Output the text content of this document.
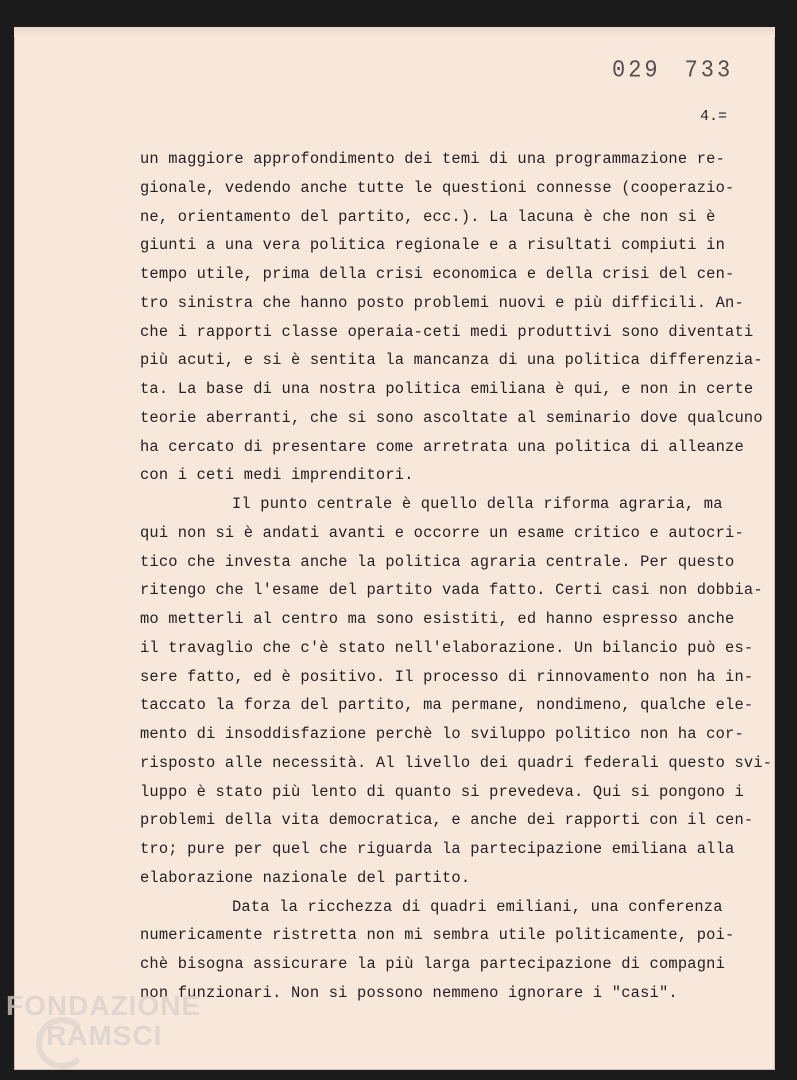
029 733
4.=
un maggiore approfondimento dei temi di una programmazione re-
gionale, vedendo anche tutte le questioni connesse (cooperazio-
ne, orientamento del partito, ecc.). La lacuna è che non si è
giunti a una vera politica regionale e a risultati compiuti in
tempo utile, prima della crisi economica e della crisi del cen-
tro sinistra che hanno posto problemi nuovi e più difficili. An-
che i rapporti classe operaia-ceti medi produttivi sono diventati
più acuti, e si è sentita la mancanza di una politica differenzia-
ta. La base di una nostra politica emiliana è qui, e non in certe
teorie aberranti, che si sono ascoltate al seminario dove qualcuno
ha cercato di presentare come arretrata una politica di alleanze
con i ceti medi imprenditori.
Il punto centrale è quello della riforma agraria, ma
qui non si è andati avanti e occorre un esame critico e autocri-
tico che investa anche la politica agraria centrale. Per questo
ritengo che l'esame del partito vada fatto. Certi casi non dobbia-
mo metterli al centro ma sono esistiti, ed hanno espresso anche
il travaglio che c'è stato nell'elaborazione. Un bilancio può es-
sere fatto, ed è positivo. Il processo di rinnovamento non ha in-
taccato la forza del partito, ma permane, nondimeno, qualche ele-
mento di insoddisfazione perchè lo sviluppo politico non ha cor-
risposto alle necessità. Al livello dei quadri federali questo svi-
luppo è stato più lento di quanto si prevedeva. Qui si pongono i
problemi della vita democratica, e anche dei rapporti con il cen-
tro; pure per quel che riguarda la partecipazione emiliana alla
elaborazione nazionale del partito.
Data la ricchezza di quadri emiliani, una conferenza
numericamente ristretta non mi sembra utile politicamente, poi-
chè bisogna assicurare la più larga partecipazione di compagni
non funzionari. Non si possono nemmeno ignorare i "casi".
FONDAZIONE
RAMSCI
